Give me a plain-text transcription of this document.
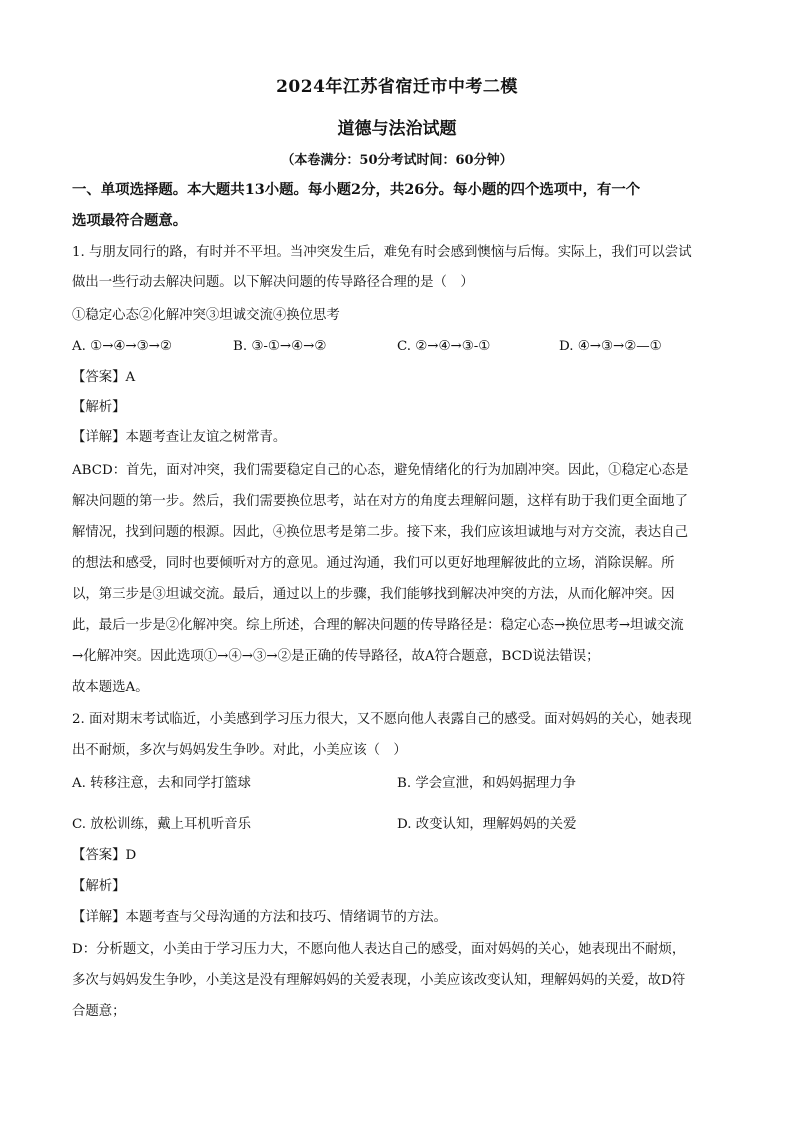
2024年江苏省宿迁市中考二模
道德与法治试题
（本卷满分：50分考试时间：60分钟）
一、单项选择题。本大题共13小题。每小题2分，共26分。每小题的四个选项中，有一个
选项最符合题意。
1. 与朋友同行的路，有时并不平坦。当冲突发生后，难免有时会感到懊恼与后悔。实际上，我们可以尝试
做出一些行动去解决问题。以下解决问题的传导路径合理的是（　）
①稳定心态②化解冲突③坦诚交流④换位思考
A. ①→④→③→②	B. ③-①→④→②	C. ②→④→③-①	D. ④→③→②—①
【答案】A
【解析】
【详解】本题考查让友谊之树常青。
ABCD：首先，面对冲突，我们需要稳定自己的心态，避免情绪化的行为加剧冲突。因此，①稳定心态是
解决问题的第一步。然后，我们需要换位思考，站在对方的角度去理解问题，这样有助于我们更全面地了
解情况，找到问题的根源。因此，④换位思考是第二步。接下来，我们应该坦诚地与对方交流，表达自己
的想法和感受，同时也要倾听对方的意见。通过沟通，我们可以更好地理解彼此的立场，消除误解。所
以，第三步是③坦诚交流。最后，通过以上的步骤，我们能够找到解决冲突的方法，从而化解冲突。因
此，最后一步是②化解冲突。综上所述，合理的解决问题的传导路径是：稳定心态→换位思考→坦诚交流
→化解冲突。因此选项①→④→③→②是正确的传导路径，故A符合题意，BCD说法错误；
故本题选A。
2. 面对期末考试临近，小美感到学习压力很大，又不愿向他人表露自己的感受。面对妈妈的关心，她表现
出不耐烦，多次与妈妈发生争吵。对此，小美应该（　）
A. 转移注意，去和同学打篮球	B. 学会宣泄，和妈妈据理力争
C. 放松训练，戴上耳机听音乐	D. 改变认知，理解妈妈的关爱
【答案】D
【解析】
【详解】本题考查与父母沟通的方法和技巧、情绪调节的方法。
D：分析题文，小美由于学习压力大，不愿向他人表达自己的感受，面对妈妈的关心，她表现出不耐烦，
多次与妈妈发生争吵，小美这是没有理解妈妈的关爱表现，小美应该改变认知，理解妈妈的关爱，故D符
合题意；
